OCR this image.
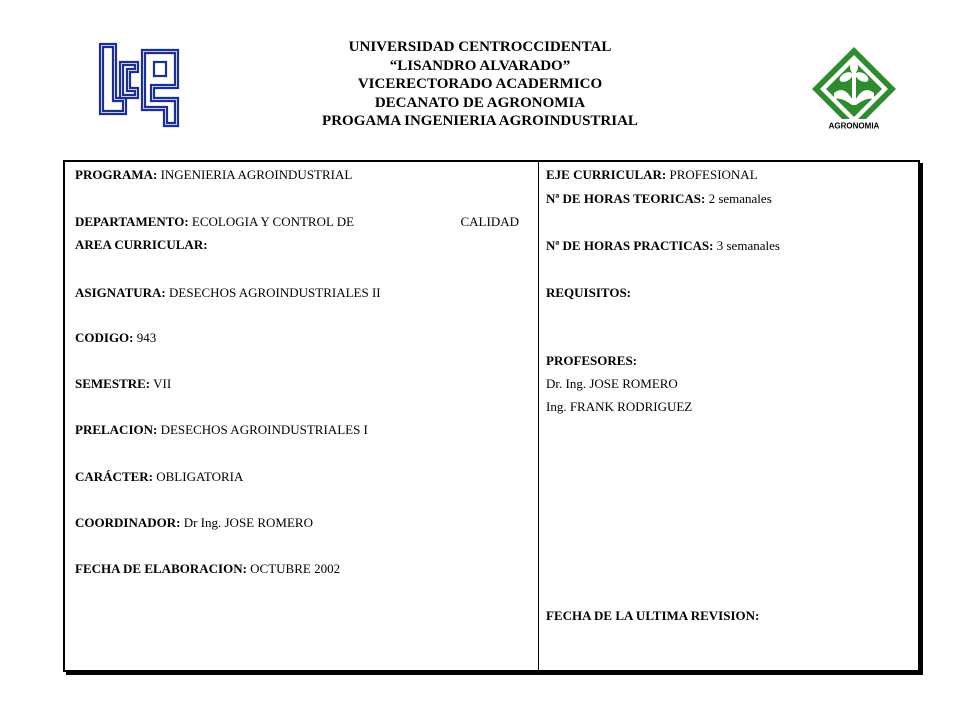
UNIVERSIDAD CENTROCCIDENTAL
“LISANDRO ALVARADO”
VICERECTORADO ACADERMICO
DECANATO DE AGRONOMIA
PROGAMA INGENIERIA AGROINDUSTRIAL	AGRONOMIA
PROGRAMA: INGENIERIA AGROINDUSTRIAL
DEPARTAMENTO: ECOLOGIA Y CONTROL DE	CALIDAD
AREA CURRICULAR:
ASIGNATURA: DESECHOS AGROINDUSTRIALES II
CODIGO: 943
SEMESTRE: VII
PRELACION: DESECHOS AGROINDUSTRIALES I
CARÁCTER: OBLIGATORIA
COORDINADOR: Dr Ing. JOSE ROMERO
FECHA DE ELABORACION: OCTUBRE 2002
EJE CURRICULAR: PROFESIONAL
Nª DE HORAS TEORICAS: 2 semanales
Nª DE HORAS PRACTICAS: 3 semanales
REQUISITOS:
PROFESORES:
Dr. Ing. JOSE ROMERO
Ing. FRANK RODRIGUEZ
FECHA DE LA ULTIMA REVISION:
